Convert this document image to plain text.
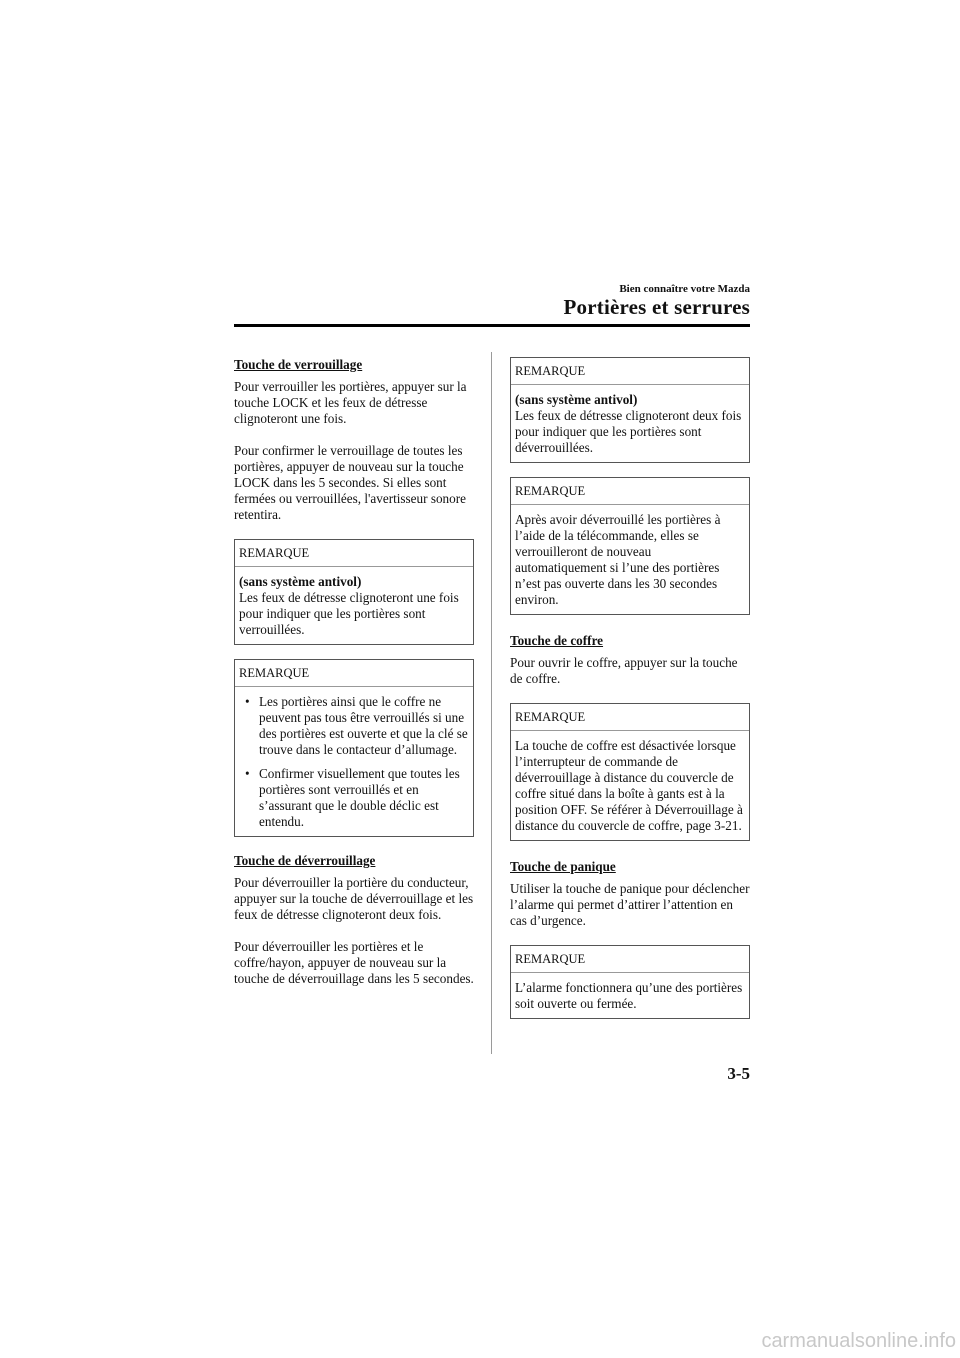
Bien connaître votre Mazda
Portières et serrures
Touche de verrouillage

Pour verrouiller les portières, appuyer sur la touche LOCK et les feux de détresse clignoteront une fois.

Pour confirmer le verrouillage de toutes les portières, appuyer de nouveau sur la touche LOCK dans les 5 secondes. Si elles sont fermées ou verrouillées, l'avertisseur sonore retentira.

REMARQUE
(sans système antivol)
Les feux de détresse clignoteront une fois pour indiquer que les portières sont verrouillées.
REMARQUE
• Les portières ainsi que le coffre ne peuvent pas tous être verrouillés si une des portières est ouverte et que la clé se trouve dans le contacteur d’allumage.
• Confirmer visuellement que toutes les portières sont verrouillés et en s’assurant que le double déclic est entendu.
Touche de déverrouillage

Pour déverrouiller la portière du conducteur, appuyer sur la touche de déverrouillage et les feux de détresse clignoteront deux fois.

Pour déverrouiller les portières et le coffre/hayon, appuyer de nouveau sur la touche de déverrouillage dans les 5 secondes.

REMARQUE
(sans système antivol)
Les feux de détresse clignoteront deux fois pour indiquer que les portières sont déverrouillées.
REMARQUE
Après avoir déverrouillé les portières à l’aide de la télécommande, elles se verrouilleront de nouveau automatiquement si l’une des portières n’est pas ouverte dans les 30 secondes environ.
Touche de coffre

Pour ouvrir le coffre, appuyer sur la touche de coffre.

REMARQUE
La touche de coffre est désactivée lorsque l’interrupteur de commande de déverrouillage à distance du couvercle de coffre situé dans la boîte à gants est à la position OFF. Se référer à Déverrouillage à distance du couvercle de coffre, page 3-21.
Touche de panique

Utiliser la touche de panique pour déclencher l’alarme qui permet d’attirer l’attention en cas d’urgence.

REMARQUE
L’alarme fonctionnera qu’une des portières soit ouverte ou fermée.
3-5
carmanualsonline.info
